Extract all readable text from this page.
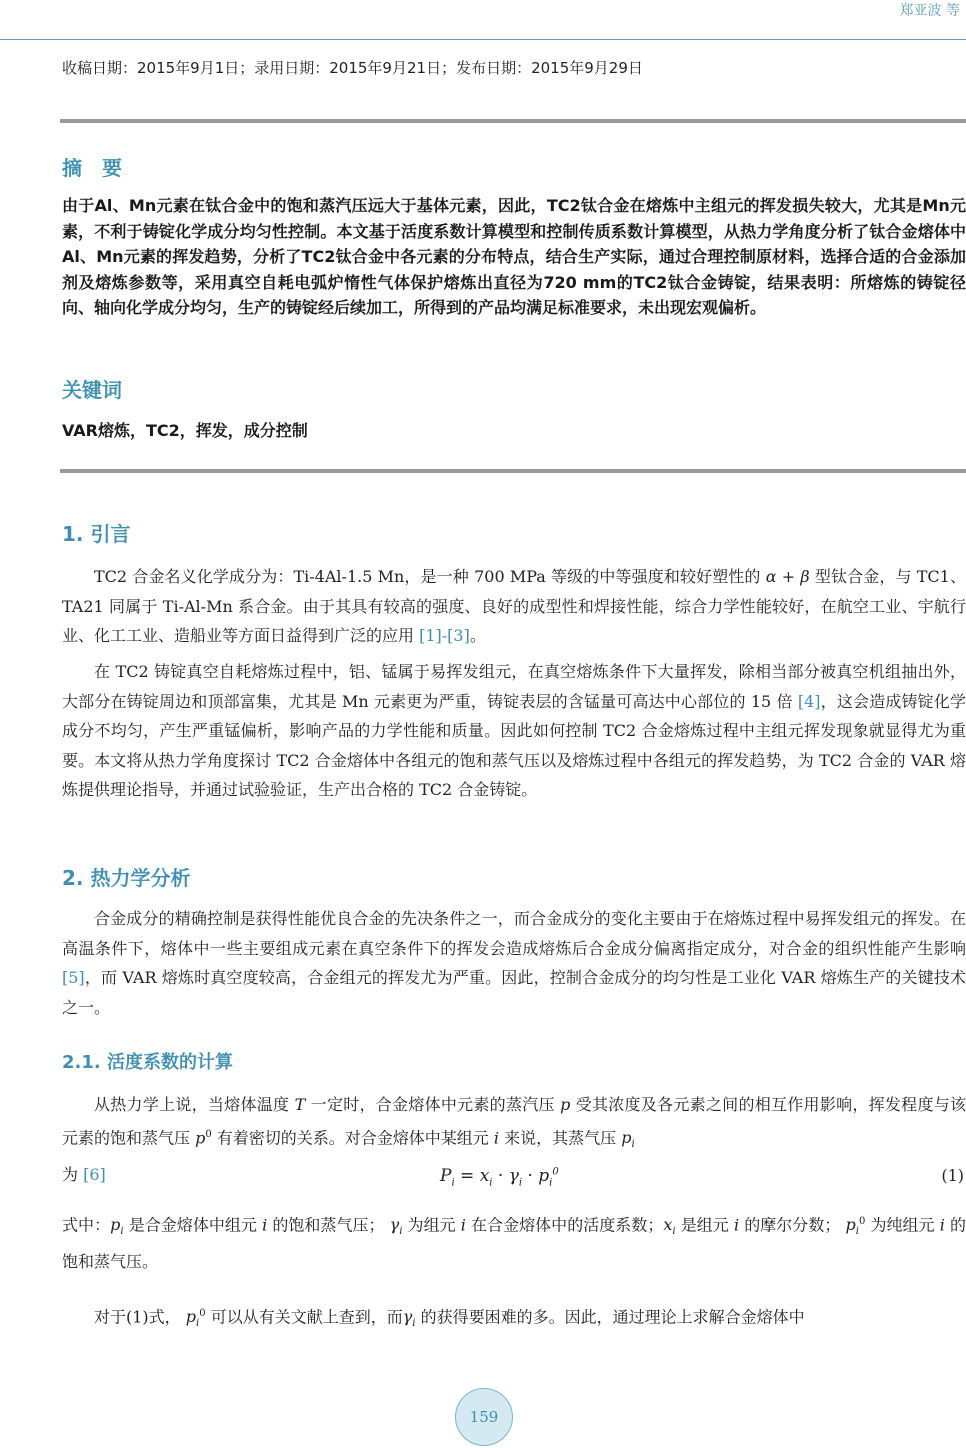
郑亚波 等
收稿日期：2015年9月1日；录用日期：2015年9月21日；发布日期：2015年9月29日
摘　要
由于Al、Mn元素在钛合金中的饱和蒸汽压远大于基体元素，因此，TC2钛合金在熔炼中主组元的挥发损失较大，尤其是Mn元素，不利于铸锭化学成分均匀性控制。本文基于活度系数计算模型和控制传质系数计算模型，从热力学角度分析了钛合金熔体中Al、Mn元素的挥发趋势，分析了TC2钛合金中各元素的分布特点，结合生产实际，通过合理控制原材料，选择合适的合金添加剂及熔炼参数等，采用真空自耗电弧炉惰性气体保护熔炼出直径为720 mm的TC2钛合金铸锭，结果表明：所熔炼的铸锭径向、轴向化学成分均匀，生产的铸锭经后续加工，所得到的产品均满足标准要求，未出现宏观偏析。
关键词
VAR熔炼，TC2，挥发，成分控制
1. 引言
TC2 合金名义化学成分为：Ti-4Al-1.5 Mn，是一种 700 MPa 等级的中等强度和较好塑性的 α + β 型钛合金，与 TC1、TA21 同属于 Ti-Al-Mn 系合金。由于其具有较高的强度、良好的成型性和焊接性能，综合力学性能较好，在航空工业、宇航行业、化工工业、造船业等方面日益得到广泛的应用 [1]-[3]。
在 TC2 铸锭真空自耗熔炼过程中，铝、锰属于易挥发组元，在真空熔炼条件下大量挥发，除相当部分被真空机组抽出外，大部分在铸锭周边和顶部富集，尤其是 Mn 元素更为严重，铸锭表层的含锰量可高达中心部位的 15 倍 [4]，这会造成铸锭化学成分不均匀，产生严重锰偏析，影响产品的力学性能和质量。因此如何控制 TC2 合金熔炼过程中主组元挥发现象就显得尤为重要。本文将从热力学角度探讨 TC2 合金熔体中各组元的饱和蒸气压以及熔炼过程中各组元的挥发趋势，为 TC2 合金的 VAR 熔炼提供理论指导，并通过试验验证，生产出合格的 TC2 合金铸锭。
2. 热力学分析
合金成分的精确控制是获得性能优良合金的先决条件之一，而合金成分的变化主要由于在熔炼过程中易挥发组元的挥发。在高温条件下，熔体中一些主要组成元素在真空条件下的挥发会造成熔炼后合金成分偏离指定成分，对合金的组织性能产生影响 [5]，而 VAR 熔炼时真空度较高，合金组元的挥发尤为严重。因此，控制合金成分的均匀性是工业化 VAR 熔炼生产的关键技术之一。
2.1. 活度系数的计算
从热力学上说，当熔体温度 T 一定时，合金熔体中元素的蒸汽压 p 受其浓度及各元素之间的相互作用影响，挥发程度与该元素的饱和蒸气压 $p^0$ 有着密切的关系。对合金熔体中某组元 i 来说，其蒸气压 $p_i$
为 [6]	$P_i = x_i \cdot \gamma_i \cdot p_i^0$	(1)
式中：$p_i$ 是合金熔体中组元 i 的饱和蒸气压； $\gamma_i$ 为组元 i 在合金熔体中的活度系数；$x_i$ 是组元 i 的摩尔分数； $p_i^0$ 为纯组元 i 的饱和蒸气压。
对于(1)式， $p_i^0$ 可以从有关文献上查到，而$\gamma_i$ 的获得要困难的多。因此，通过理论上求解合金熔体中
159
